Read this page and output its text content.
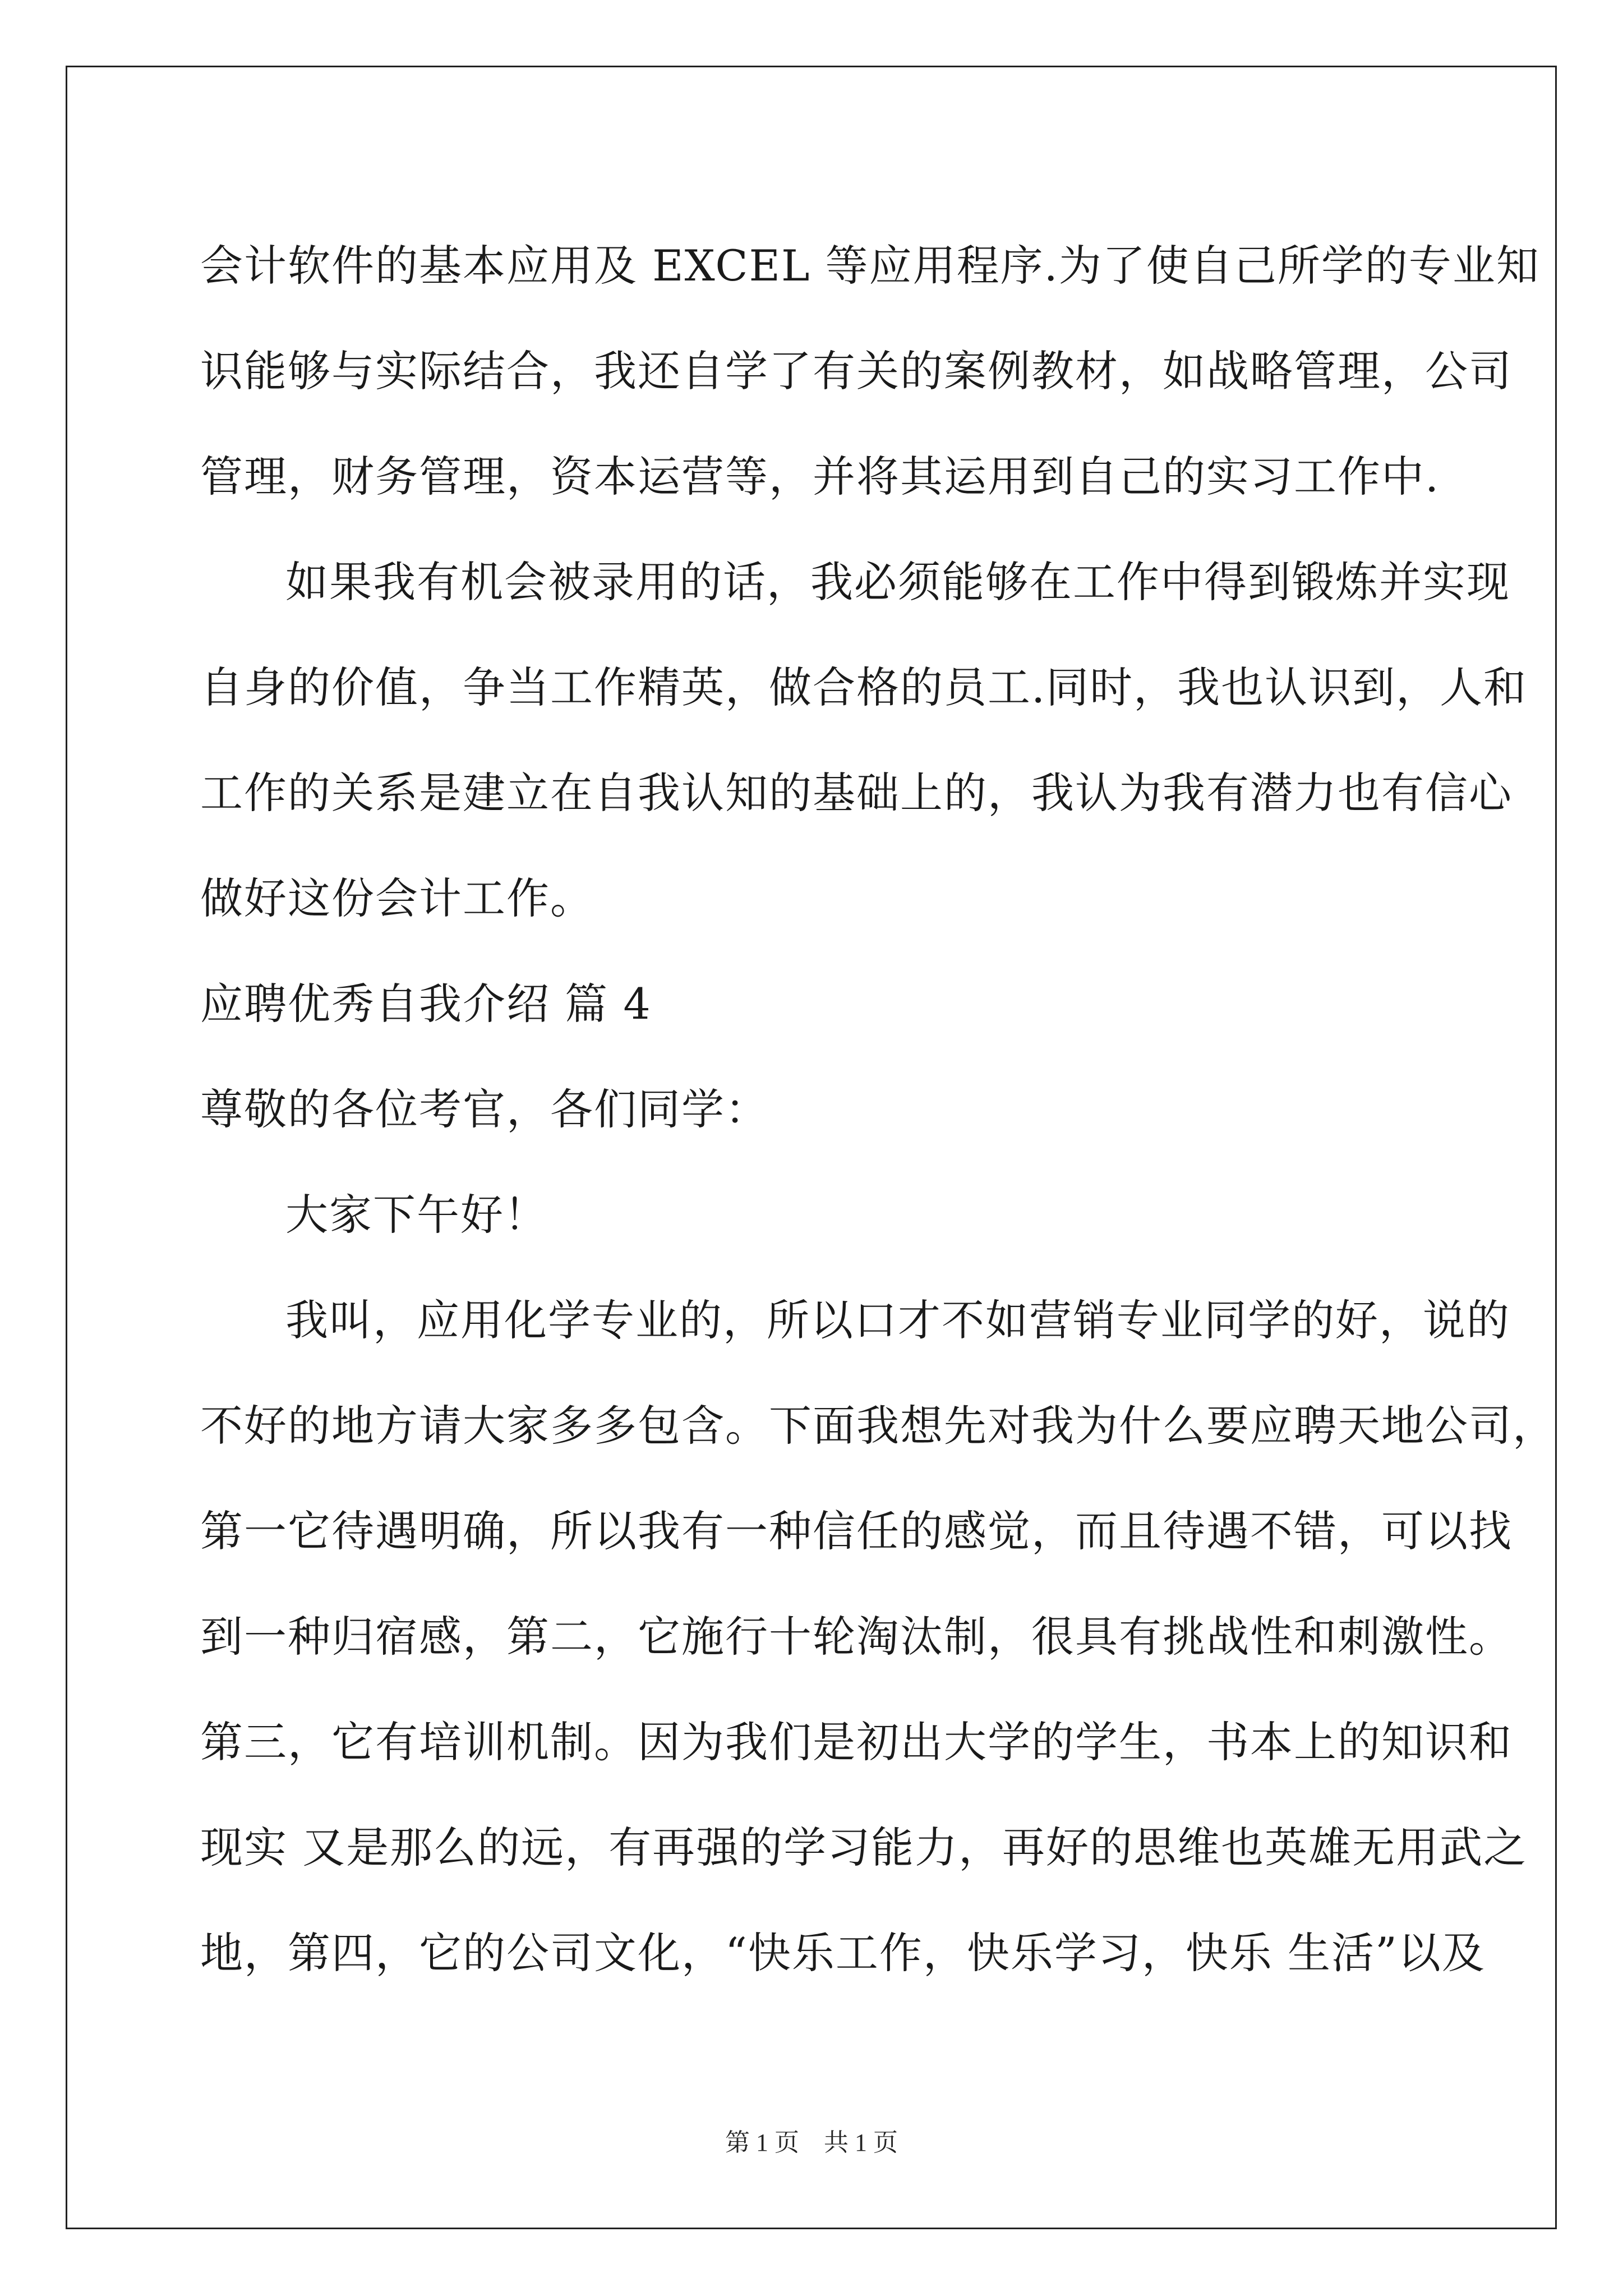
会计软件的基本应用及 EXCEL 等应用程序.为了使自己所学的专业知
识能够与实际结合，我还自学了有关的案例教材，如战略管理，公司
管理，财务管理，资本运营等，并将其运用到自己的实习工作中.
如果我有机会被录用的话，我必须能够在工作中得到锻炼并实现
自身的价值，争当工作精英，做合格的员工.同时，我也认识到，人和
工作的关系是建立在自我认知的基础上的，我认为我有潜力也有信心
做好这份会计工作。
应聘优秀自我介绍 篇 4
尊敬的各位考官，各们同学：
大家下午好！
我叫，应用化学专业的，所以口才不如营销专业同学的好，说的
不好的地方请大家多多包含。下面我想先对我为什么要应聘天地公司，
第一它待遇明确，所以我有一种信任的感觉，而且待遇不错，可以找
到一种归宿感，第二，它施行十轮淘汰制，很具有挑战性和刺激性。
第三，它有培训机制。因为我们是初出大学的学生，书本上的知识和
现实 又是那么的远，有再强的学习能力，再好的思维也英雄无用武之
地，第四，它的公司文化，“快乐工作，快乐学习，快乐 生活”以及
第 1 页　共 1 页
